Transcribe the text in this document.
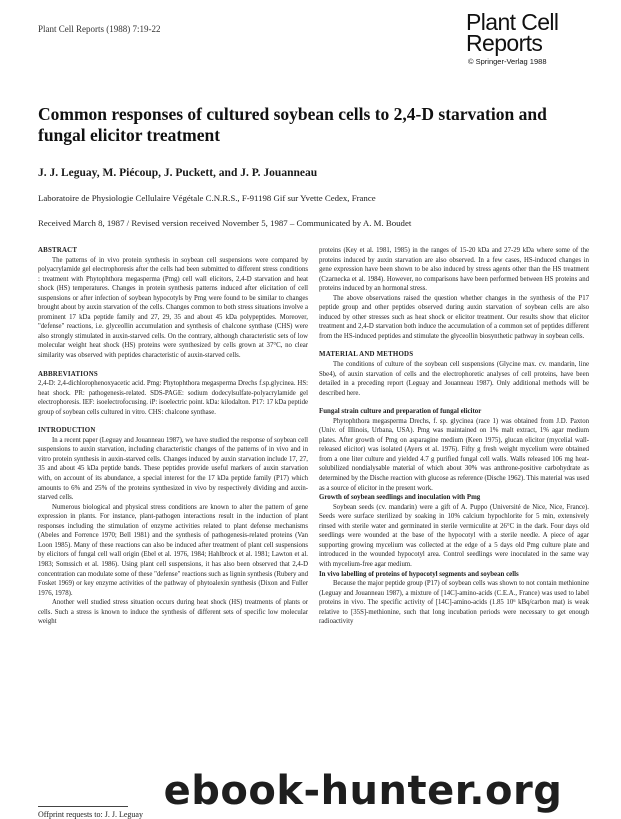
Plant Cell Reports (1988) 7:19-22	Plant Cell
Reports
© Springer-Verlag 1988
Common responses of cultured soybean cells to 2,4-D starvation and fungal elicitor treatment
J. J. Leguay, M. Piécoup, J. Puckett, and J. P. Jouanneau
Laboratoire de Physiologie Cellulaire Végétale C.N.R.S., F-91198 Gif sur Yvette Cedex, France
Received March 8, 1987 / Revised version received November 5, 1987 – Communicated by A. M. Boudet
ABSTRACT

The patterns of in vivo protein synthesis in soybean cell suspensions were compared by polyacrylamide gel electrophoresis after the cells had been submitted to different stress conditions : treatment with Phytophthora megasperma (Pmg) cell wall elicitors, 2,4-D starvation and heat shock (HS) temperatures. Changes in protein synthesis patterns induced after elicitation of cell suspensions or after infection of soybean hypocotyls by Pmg were found to be similar to changes brought about by auxin starvation of the cells. Changes common to both stress situations involve a prominent 17 kDa peptide family and 27, 29, 35 and about 45 kDa polypeptides. Moreover, "defense" reactions, i.e. glyceollin accumulation and synthesis of chalcone synthase (CHS) were also strongly stimulated in auxin-starved cells. On the contrary, although characteristic sets of low molecular weight heat shock (HS) proteins were synthesized by cells grown at 37°C, no clear similarity was observed with peptides characteristic of auxin-starved cells.

ABBREVIATIONS

2,4-D: 2,4-dichlorophenoxyacetic acid. Pmg: Phytophthora megasperma Drechs f.sp.glycinea. HS: heat shock. PR: pathogenesis-related. SDS-PAGE: sodium dodecylsulfate-polyacrylamide gel electrophoresis. IEF: isoelectrofocusing. iP: isoelectric point. kDa: kilodalton. P17: 17 kDa peptide group of soybean cells cultured in vitro. CHS: chalcone synthase.

INTRODUCTION

In a recent paper (Leguay and Jouanneau 1987), we have studied the response of soybean cell suspensions to auxin starvation, including characteristic changes of the patterns of in vivo and in vitro protein synthesis in auxin-starved cells. Changes induced by auxin starvation include 17, 27, 35 and about 45 kDa peptide bands. These peptides provide useful markers of auxin starvation with, on account of its abundance, a special interest for the 17 kDa peptide family (P17) which amounts to 6% and 25% of the proteins synthesized in vivo by respectively dividing and auxin-starved cells.

Numerous biological and physical stress conditions are known to alter the pattern of gene expression in plants. For instance, plant-pathogen interactions result in the induction of plant responses including the stimulation of enzyme activities related to plant defense mechanisms (Abeles and Forrence 1970; Bell 1981) and the synthesis of pathogenesis-related proteins (Van Loon 1985). Many of these reactions can also be induced after treatment of plant cell suspensions by elicitors of fungal cell wall origin (Ebel et al. 1976, 1984; Hahlbrock et al. 1981; Lawton et al. 1983; Somssich et al. 1986). Using plant cell suspensions, it has also been observed that 2,4-D concentration can modulate some of these "defense" reactions such as lignin synthesis (Rubery and Fosket 1969) or key enzyme activities of the pathway of phytoalexin synthesis (Dixon and Fuller 1976, 1978).

Another well studied stress situation occurs during heat shock (HS) treatments of plants or cells. Such a stress is known to induce the synthesis of different sets of specific low molecular weight

proteins (Key et al. 1981, 1985) in the ranges of 15-20 kDa and 27-29 kDa where some of the proteins induced by auxin starvation are also observed. In a few cases, HS-induced changes in gene expression have been shown to be also induced by stress agents other than the HS treatment (Czarnecka et al. 1984). However, no comparisons have been performed between HS proteins and proteins induced by an hormonal stress.

The above observations raised the question whether changes in the synthesis of the P17 peptide group and other peptides observed during auxin starvation of soybean cells are also induced by other stresses such as heat shock or elicitor treatment. Our results show that elicitor treatment and 2,4-D starvation both induce the accumulation of a common set of peptides different from the HS-induced peptides and stimulate the glyceollin biosynthetic pathway in soybean cells.

MATERIAL AND METHODS

The conditions of culture of the soybean cell suspensions (Glycine max. cv. mandarin, line Sbe4), of auxin starvation of cells and the electrophoretic analyses of cell proteins, have been detailed in a preceding report (Leguay and Jouanneau 1987). Only additional methods will be described here.

Fungal strain culture and preparation of fungal elicitor

Phytophthora megasperma Drechs, f. sp. glycinea (race 1) was obtained from J.D. Paxton (Univ. of Illinois, Urbana, USA). Pmg was maintained on 1% malt extract, 1% agar medium plates. After growth of Pmg on asparagine medium (Keen 1975), glucan elicitor (mycelial wall-released elicitor) was isolated (Ayers et al. 1976). Fifty g fresh weight mycelium were obtained from a one liter culture and yielded 4.7 g purified fungal cell walls. Walls released 106 mg heat-solubilized nondialysable material of which about 30% was anthrone-positive carbohydrate as determined by the Dische reaction with glucose as reference (Dische 1962). This material was used as a source of elicitor in the present work.

Growth of soybean seedlings and inoculation with Pmg

Soybean seeds (cv. mandarin) were a gift of A. Puppo (Université de Nice, Nice, France). Seeds were surface sterilized by soaking in 10% calcium hypochlorite for 5 min, extensively rinsed with sterile water and germinated in sterile vermiculite at 26°C in the dark. Four days old seedlings were wounded at the base of the hypocotyl with a sterile needle. A piece of agar supporting growing mycelium was collected at the edge of a 5 days old Pmg culture plate and introduced in the wounded hypocotyl area. Control seedlings were inoculated in the same way with mycelium-free agar medium.

In vivo labelling of proteins of hypocotyl segments and soybean cells

Because the major peptide group (P17) of soybean cells was shown to not contain methionine (Leguay and Jouanneau 1987), a mixture of [14C]-amino-acids (C.E.A., France) was used to label proteins in vivo. The specific activity of [14C]-amino-acids (1.85 10⁶ kBq/carbon mat) is weak relative to [35S]-methionine, such that long incubation periods were necessary to get enough radioactivity

Offprint requests to: J. J. Leguay
ebook-hunter.org
